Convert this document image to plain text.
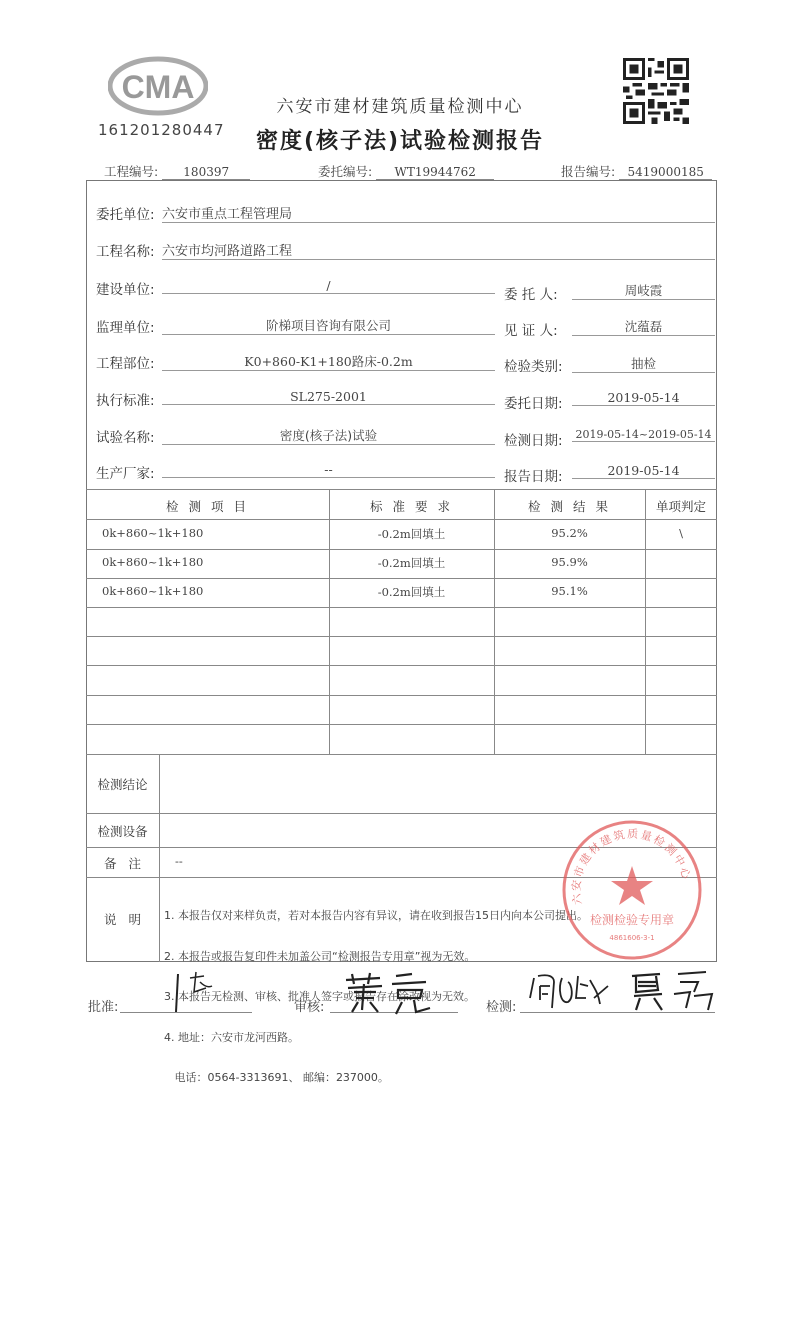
CMA
161201280447
六安市建材建筑质量检测中心
密度(核子法)试验检测报告
工程编号: 180397	委托编号: WT19944762	报告编号: 5419000185
委托单位: 六安市重点工程管理局
工程名称: 六安市均河路道路工程
建设单位:	/
委 托 人:	周岐霞
监理单位:	阶梯项目咨询有限公司	见 证 人:	沈蕴磊
工程部位:	K0+860-K1+180路床-0.2m	检验类别:	抽检
执行标准:	SL275-2001	委托日期:	2019-05-14
试验名称:	密度(核子法)试验	检测日期:	2019-05-14~2019-05-14
生产厂家:	--	报告日期:	2019-05-14
检 测 项 目	标 准 要 求	检 测 结 果	单项判定
0k+860~1k+180	-0.2m回填土	95.2%	\
0k+860~1k+180	-0.2m回填土	95.9%
0k+860~1k+180	-0.2m回填土	95.1%
检测结论
检测设备
备   注	--
说   明

	1. 本报告仅对来样负责，若对本报告内容有异议，请在收到报告15日内向本公司提出。

2. 本报告或报告复印件未加盖公司“检测报告专用章”视为无效。

3. 本报告无检测、审核、批准人签字或报告存在涂改视为无效。

4. 地址：六安市龙河西路。

电话：0564-3313691、 邮编：237000。

六安市建材建筑质量检测中心
检测检验专用章
4861606-3-1
批准:	审核:	检测:
